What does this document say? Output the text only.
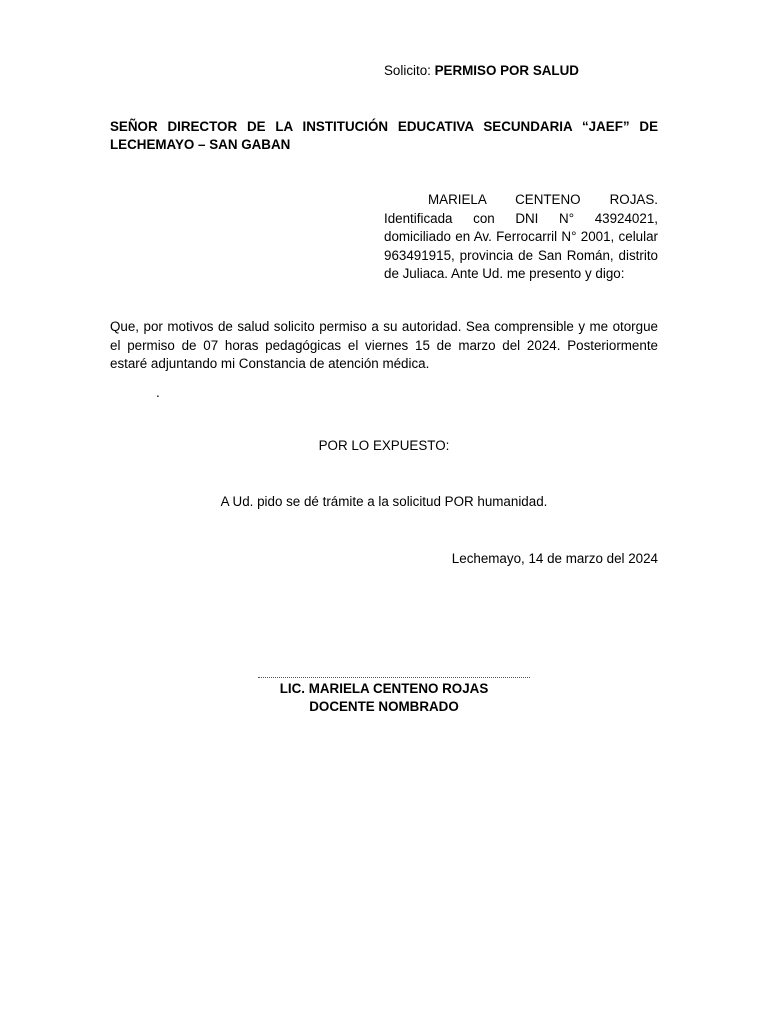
Solicito: PERMISO POR SALUD
SEÑOR DIRECTOR DE LA INSTITUCIÓN EDUCATIVA SECUNDARIA “JAEF” DE
LECHEMAYO – SAN GABAN
MARIELA CENTENO ROJAS. Identificada con DNI N° 43924021, domiciliado en Av. Ferrocarril N° 2001, celular 963491915, provincia de San Román, distrito de Juliaca. Ante Ud. me presento y digo:
Que, por motivos de salud solicito permiso a su autoridad. Sea comprensible y me otorgue el permiso de 07 horas pedagógicas el viernes 15 de marzo del 2024. Posteriormente estaré adjuntando mi Constancia de atención médica.
.
POR LO EXPUESTO:
A Ud. pido se dé trámite a la solicitud POR humanidad.
Lechemayo, 14 de marzo del 2024
LIC. MARIELA CENTENO ROJAS
DOCENTE NOMBRADO
